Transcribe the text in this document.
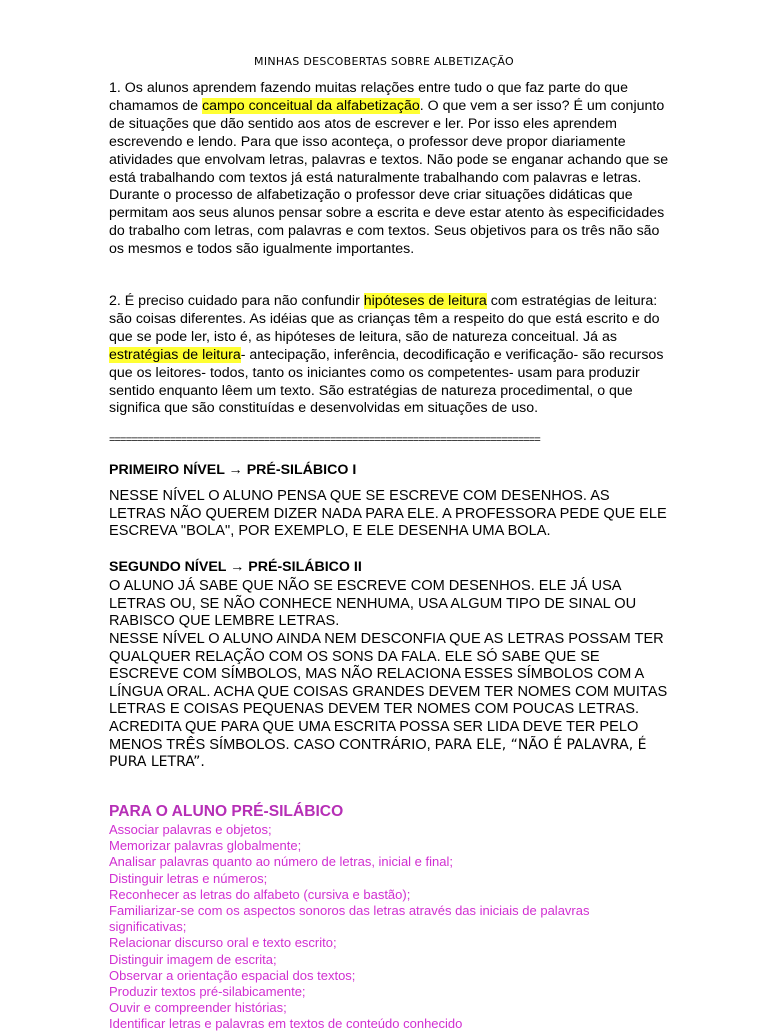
MINHAS DESCOBERTAS SOBRE ALBETIZAÇÃO

1. Os alunos aprendem fazendo muitas relações entre tudo o que faz parte do que chamamos de campo conceitual da alfabetização. O que vem a ser isso? É um conjunto de situações que dão sentido aos atos de escrever e ler. Por isso eles aprendem escrevendo e lendo. Para que isso aconteça, o professor deve propor diariamente atividades que envolvam letras, palavras e textos. Não pode se enganar achando que se está trabalhando com textos já está naturalmente trabalhando com palavras e letras. Durante o processo de alfabetização o professor deve criar situações didáticas que permitam aos seus alunos pensar sobre a escrita e deve estar atento às especificidades do trabalho com letras, com palavras e com textos. Seus objetivos para os três não são os mesmos e todos são igualmente importantes.

2. É preciso cuidado para não confundir hipóteses de leitura com estratégias de leitura: são coisas diferentes. As idéias que as crianças têm a respeito do que está escrito e do que se pode ler, isto é, as hipóteses de leitura, são de natureza conceitual. Já as estratégias de leitura- antecipação, inferência, decodificação e verificação- são recursos que os leitores- todos, tanto os iniciantes como os competentes- usam para produzir sentido enquanto lêem um texto. São estratégias de natureza procedimental, o que significa que são constituídas e desenvolvidas em situações de uso.

==============================================================================
PRIMEIRO NÍVEL → PRÉ-SILÁBICO I

NESSE NÍVEL O ALUNO PENSA QUE SE ESCREVE COM DESENHOS. AS LETRAS NÃO QUEREM DIZER NADA PARA ELE. A PROFESSORA PEDE QUE ELE ESCREVA "BOLA", POR EXEMPLO, E ELE DESENHA UMA BOLA.

SEGUNDO NÍVEL → PRÉ-SILÁBICO II

O ALUNO JÁ SABE QUE NÃO SE ESCREVE COM DESENHOS. ELE JÁ USA LETRAS OU, SE NÃO CONHECE NENHUMA, USA ALGUM TIPO DE SINAL OU RABISCO QUE LEMBRE LETRAS.

NESSE NÍVEL O ALUNO AINDA NEM DESCONFIA QUE AS LETRAS POSSAM TER QUALQUER RELAÇÃO COM OS SONS DA FALA. ELE SÓ SABE QUE SE ESCREVE COM SÍMBOLOS, MAS NÃO RELACIONA ESSES SÍMBOLOS COM A LÍNGUA ORAL. ACHA QUE COISAS GRANDES DEVEM TER NOMES COM MUITAS LETRAS E COISAS PEQUENAS DEVEM TER NOMES COM POUCAS LETRAS. ACREDITA QUE PARA QUE UMA ESCRITA POSSA SER LIDA DEVE TER PELO MENOS TRÊS SÍMBOLOS. CASO CONTRÁRIO, PARA ELE, “NÃO É PALAVRA, É PURA LETRA”.

PARA O ALUNO PRÉ-SILÁBICO
Associar palavras e objetos;
Memorizar palavras globalmente;
Analisar palavras quanto ao número de letras, inicial e final;
Distinguir letras e números;
Reconhecer as letras do alfabeto (cursiva e bastão);
Familiarizar-se com os aspectos sonoros das letras através das iniciais de palavras significativas;
Relacionar discurso oral e texto escrito;
Distinguir imagem de escrita;
Observar a orientação espacial dos textos;
Produzir textos pré-silabicamente;
Ouvir e compreender histórias;
Identificar letras e palavras em textos de conteúdo conhecido
